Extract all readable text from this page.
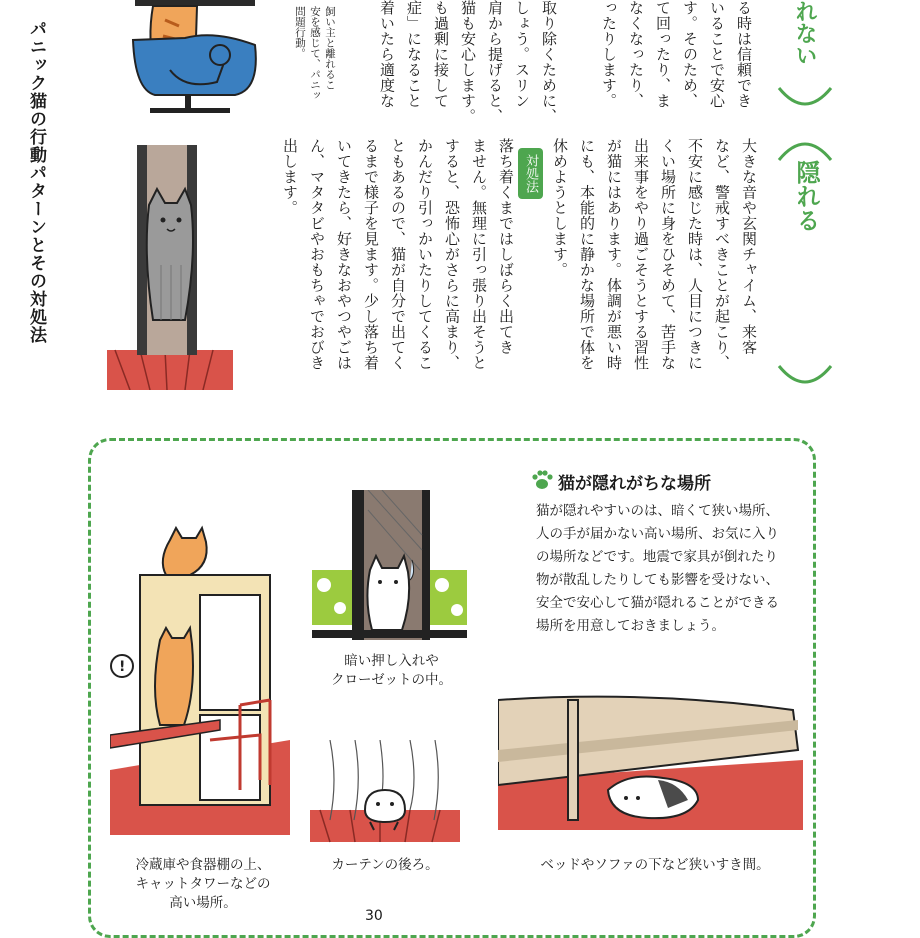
パニック猫の行動パターンとその対処法	飼い主と離れるこ
安を感じて、パニッ
問題行動。	取り除くために、
しょう。スリン
肩から提げると、
猫も安心します。
も過剰に接して
症」になること
着いたら適度な	る時は信頼でき
いることで安心
す。そのため、
て回ったり、ま
なくなったり、
ったりします。	れない
隠れる
大きな音や玄関チャイム、来客
など、警戒すべきことが起こり、
不安に感じた時は、人目につきに
くい場所に身をひそめて、苦手な
出来事をやり過ごそうとする習性
が猫にはあります。体調が悪い時
にも、本能的に静かな場所で体を
休めようとします。
対処法
落ち着くまではしばらく出てき
ません。無理に引っ張り出そうと
すると、恐怖心がさらに高まり、
かんだり引っかいたりしてくるこ
ともあるので、猫が自分で出てく
るまで様子を見ます。少し落ち着
いてきたら、好きなおやつやごは
ん、マタタビやおもちゃでおびき
出します。
猫が隠れがちな場所
猫が隠れやすいのは、暗くて狭い場所、
人の手が届かない高い場所、お気に入り
の場所などです。地震で家具が倒れたり
物が散乱したりしても影響を受けない、
安全で安心して猫が隠れることができる
場所を用意しておきましょう。
暗い押し入れや
クローゼットの中。
カーテンの後ろ。
!
冷蔵庫や食器棚の上、
キャットタワーなどの
高い場所。
ベッドやソファの下など狭いすき間。
30
